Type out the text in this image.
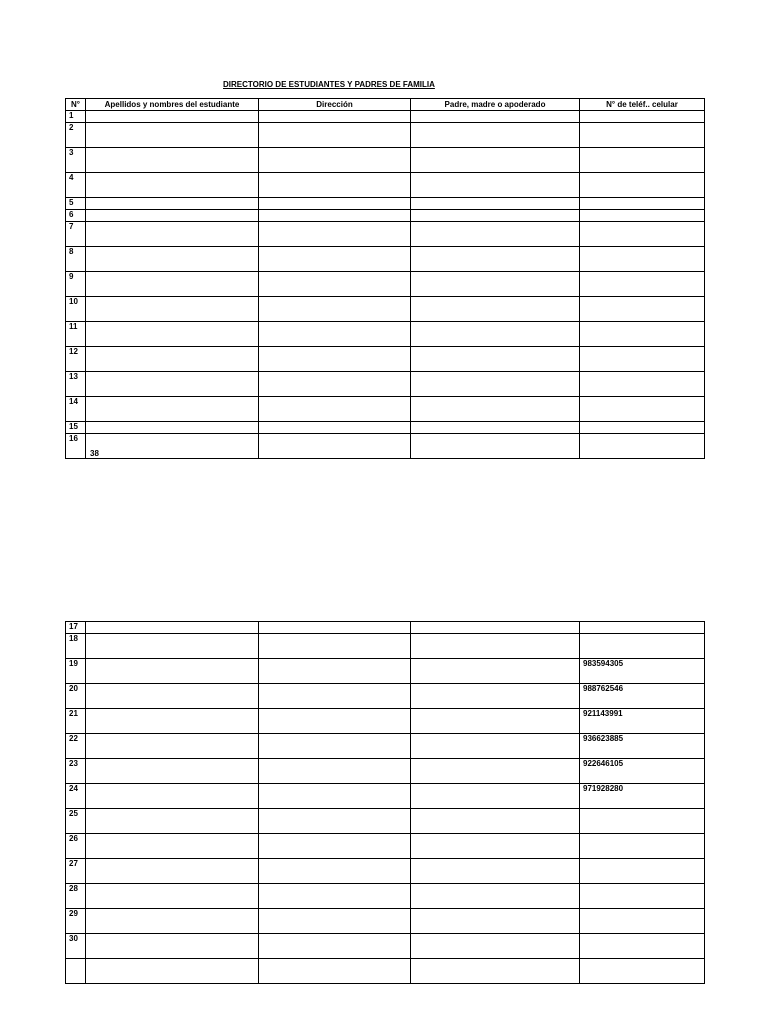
DIRECTORIO DE ESTUDIANTES Y PADRES DE FAMILIA
N°	Apellidos y nombres del estudiante	Dirección	Padre, madre o apoderado	N° de teléf.. celular
1				
2				
3				
4				
5				
6				
7				
8				
9				
10				
11				
12				
13				
14				
15				
16	38			

17				
18				
19				983594305
20				988762546
21				921143991
22				936623885
23				922646105
24				971928280
25				
26				
27				
28				
29				
30				
